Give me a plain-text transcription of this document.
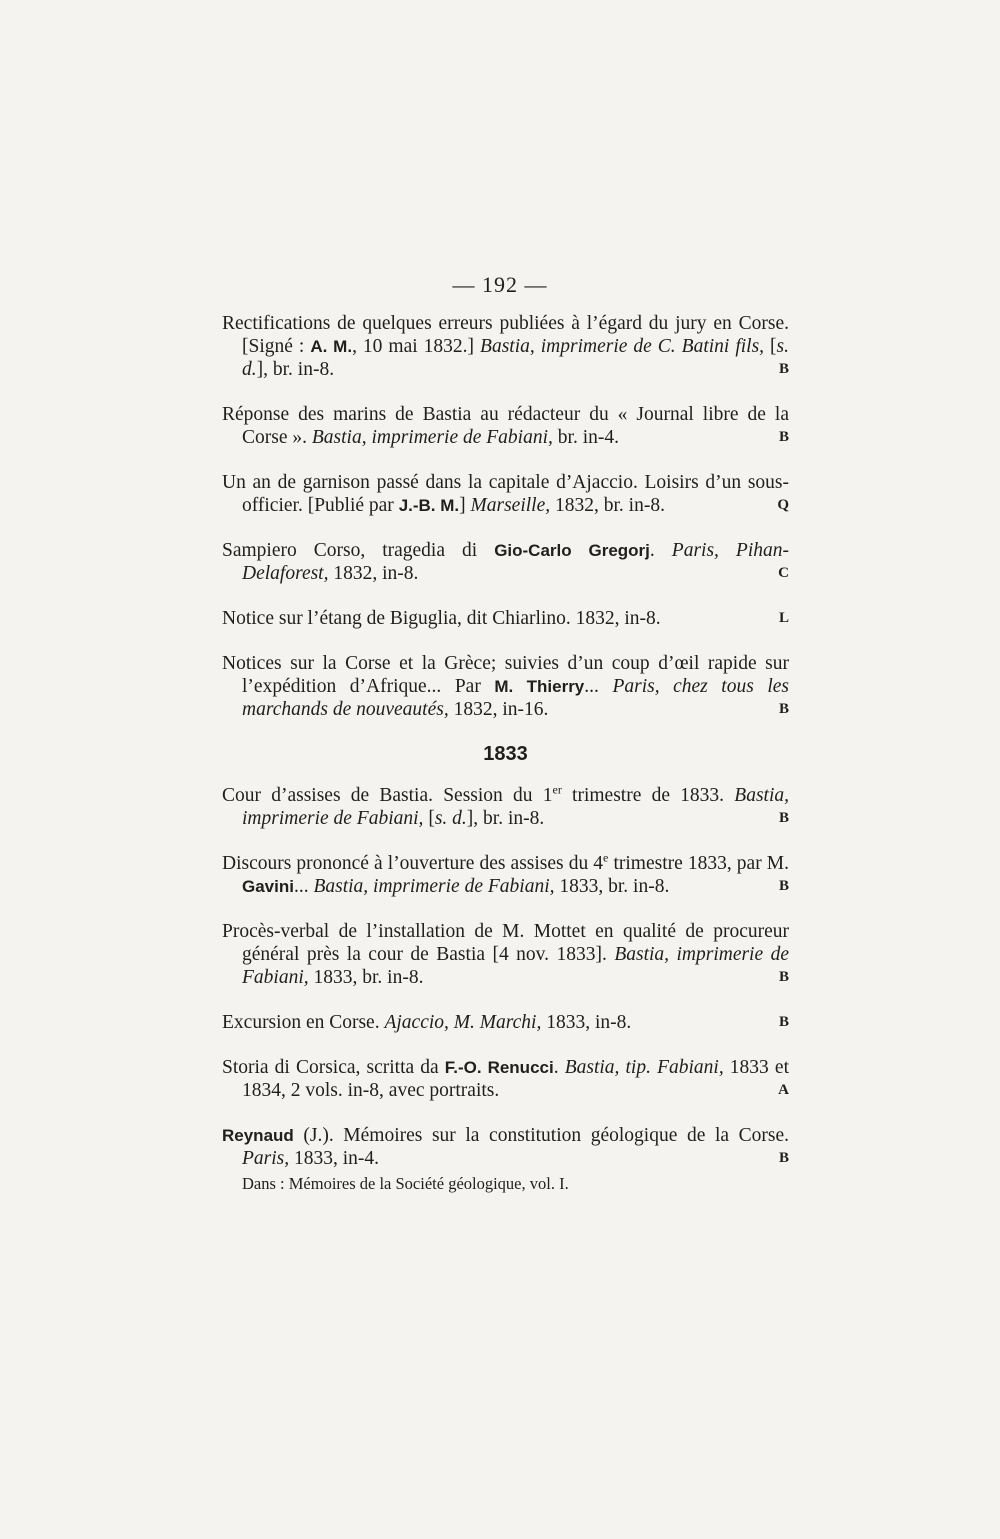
— 192 —
Rectifications de quelques erreurs publiées à l’égard du jury en Corse. [Signé : A. M., 10 mai 1832.] Bastia, imprimerie de C. Batini fils, [s. d.], br. in-8.	B
Réponse des marins de Bastia au rédacteur du « Journal libre de la Corse ». Bastia, imprimerie de Fabiani, br. in-4.	B
Un an de garnison passé dans la capitale d’Ajaccio. Loisirs d’un sous-officier. [Publié par J.-B. M.] Marseille, 1832, br. in-8.	Q
Sampiero Corso, tragedia di Gio-Carlo Gregorj. Paris, Pihan-Delaforest, 1832, in-8.	C
Notice sur l’étang de Biguglia, dit Chiarlino. 1832, in-8.	L
Notices sur la Corse et la Grèce; suivies d’un coup d’œil rapide sur l’expédition d’Afrique... Par M. Thierry... Paris, chez tous les marchands de nouveautés, 1832, in-16.	B
1833
Cour d’assises de Bastia. Session du 1er trimestre de 1833. Bastia, imprimerie de Fabiani, [s. d.], br. in-8.	B
Discours prononcé à l’ouverture des assises du 4e trimestre 1833, par M. Gavini... Bastia, imprimerie de Fabiani, 1833, br. in-8.	B
Procès-verbal de l’installation de M. Mottet en qualité de procureur général près la cour de Bastia [4 nov. 1833]. Bastia, imprimerie de Fabiani, 1833, br. in-8.	B
Excursion en Corse. Ajaccio, M. Marchi, 1833, in-8.	B
Storia di Corsica, scritta da F.-O. Renucci. Bastia, tip. Fabiani, 1833 et 1834, 2 vols. in-8, avec portraits.	A
Reynaud (J.). Mémoires sur la constitution géologique de la Corse. Paris, 1833, in-4.	B
Dans : Mémoires de la Société géologique, vol. I.
